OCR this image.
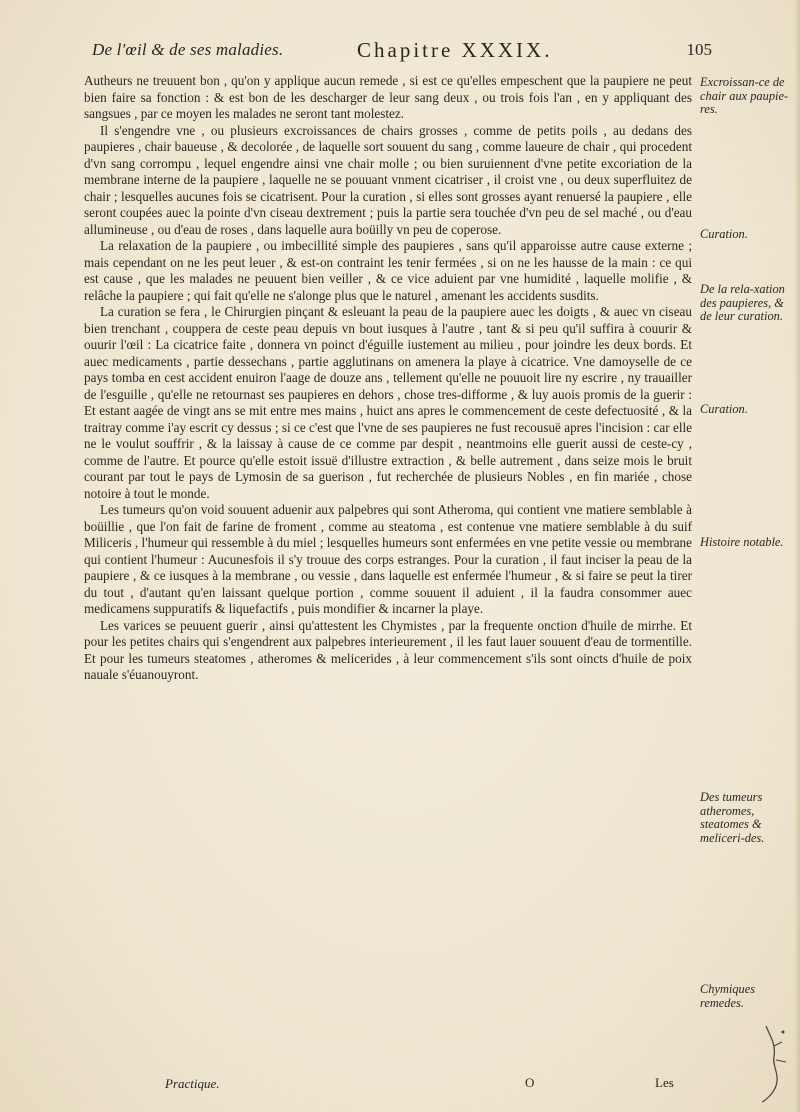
De l'œil & de ses maladies.	Chapitre XXXIX.	105

Autheurs ne treuuent bon , qu'on y applique aucun remede , si est ce qu'elles empeschent que la paupiere ne peut bien faire sa fonction : & est bon de les descharger de leur sang deux , ou trois fois l'an , en y appliquant des sangsues , par ce moyen les malades ne seront tant molestez.

Il s'engendre vne , ou plusieurs excroissances de chairs grosses , comme de petits poils , au dedans des paupieres , chair baueuse , & decolorée , de laquelle sort souuent du sang , comme laueure de chair , qui procedent d'vn sang corrompu , lequel engendre ainsi vne chair molle ; ou bien suruiennent d'vne petite excoriation de la membrane interne de la paupiere , laquelle ne se pouuant vnment cicatriser , il croist vne , ou deux superfluitez de chair ; lesquelles aucunes fois se cicatrisent. Pour la curation , si elles sont grosses ayant renuersé la paupiere , elle seront coupées auec la pointe d'vn ciseau dextrement ; puis la partie sera touchée d'vn peu de sel maché , ou d'eau allumineuse , ou d'eau de roses , dans laquelle aura boüilly vn peu de coperose.

La relaxation de la paupiere , ou imbecillité simple des paupieres , sans qu'il apparoisse autre cause externe ; mais cependant on ne les peut leuer , & est-on contraint les tenir fermées , si on ne les hausse de la main : ce qui est cause , que les malades ne peuuent bien veiller , & ce vice aduient par vne humidité , laquelle molifie , & relâche la paupiere ; qui fait qu'elle ne s'alonge plus que le naturel , amenant les accidents susdits.

La curation se fera , le Chirurgien pinçant & esleuant la peau de la paupiere auec les doigts , & auec vn ciseau bien trenchant , couppera de ceste peau depuis vn bout iusques à l'autre , tant & si peu qu'il suffira à couurir & ouurir l'œil : La cicatrice faite , donnera vn poinct d'éguille iustement au milieu , pour joindre les deux bords. Et auec medicaments , partie dessechans , partie agglutinans on amenera la playe à cicatrice. Vne damoyselle de ce pays tomba en cest accident enuiron l'aage de douze ans , tellement qu'elle ne pouuoit lire ny escrire , ny trauailler de l'esguille , qu'elle ne retournast ses paupieres en dehors , chose tres-difforme , & luy auois promis de la guerir : Et estant aagée de vingt ans se mit entre mes mains , huict ans apres le commencement de ceste defectuosité , & la traitray comme i'ay escrit cy dessus ; si ce c'est que l'vne de ses paupieres ne fust recousuë apres l'incision : car elle ne le voulut souffrir , & la laissay à cause de ce comme par despit , neantmoins elle guerit aussi de ceste-cy , comme de l'autre. Et pource qu'elle estoit issuë d'illustre extraction , & belle autrement , dans seize mois le bruit courant par tout le pays de Lymosin de sa guerison , fut recherchée de plusieurs Nobles , en fin mariée , chose notoire à tout le monde.

Les tumeurs qu'on void souuent aduenir aux palpebres qui sont Atheroma, qui contient vne matiere semblable à boüillie , que l'on fait de farine de froment , comme au steatoma , est contenue vne matiere semblable à du suif Miliceris , l'humeur qui ressemble à du miel ; lesquelles humeurs sont enfermées en vne petite vessie ou membrane qui contient l'humeur : Aucunesfois il s'y trouue des corps estranges. Pour la curation , il faut inciser la peau de la paupiere , & ce iusques à la membrane , ou vessie , dans laquelle est enfermée l'humeur , & si faire se peut la tirer du tout , d'autant qu'en laissant quelque portion , comme souuent il aduient , il la faudra consommer auec medicamens suppuratifs & liquefactifs , puis mondifier & incarner la playe.

Les varices se peuuent guerir , ainsi qu'attestent les Chymistes , par la frequente onction d'huile de mirrhe. Et pour les petites chairs qui s'engendrent aux palpebres interieurement , il les faut lauer souuent d'eau de tormentille. Et pour les tumeurs steatomes , atheromes & melicerides , à leur commencement s'ils sont oincts d'huile de poix nauale s'éuanouyront.

Excroissan-ce de chair aux paupie-res.
Curation.
De la rela-xation des paupieres, & de leur curation.
Curation.
Histoire notable.
Des tumeurs atheromes, steatomes & meliceri-des.
Chymiques remedes.
Practique.	O	Les
